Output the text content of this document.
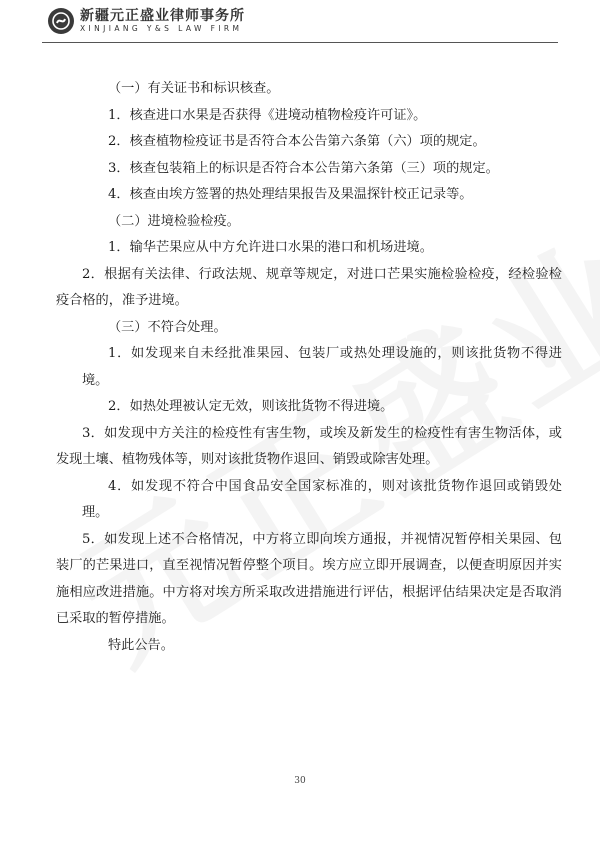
新疆元正盛业律师事务所
XINJIANG Y&S LAW FIRM

（一）有关证书和标识核查。

1．核查进口水果是否获得《进境动植物检疫许可证》。

2．核查植物检疫证书是否符合本公告第六条第（六）项的规定。

3．核查包装箱上的标识是否符合本公告第六条第（三）项的规定。

4．核查由埃方签署的热处理结果报告及果温探针校正记录等。

（二）进境检验检疫。

1．输华芒果应从中方允许进口水果的港口和机场进境。

2．根据有关法律、行政法规、规章等规定，对进口芒果实施检验检疫，经检验检疫合格的，准予进境。

（三）不符合处理。

1．如发现来自未经批准果园、包装厂或热处理设施的，则该批货物不得进境。

2．如热处理被认定无效，则该批货物不得进境。

3．如发现中方关注的检疫性有害生物，或埃及新发生的检疫性有害生物活体，或发现土壤、植物残体等，则对该批货物作退回、销毁或除害处理。

4．如发现不符合中国食品安全国家标准的，则对该批货物作退回或销毁处理。

5．如发现上述不合格情况，中方将立即向埃方通报，并视情况暂停相关果园、包装厂的芒果进口，直至视情况暂停整个项目。埃方应立即开展调查，以便查明原因并实施相应改进措施。中方将对埃方所采取改进措施进行评估，根据评估结果决定是否取消已采取的暂停措施。

特此公告。

30
